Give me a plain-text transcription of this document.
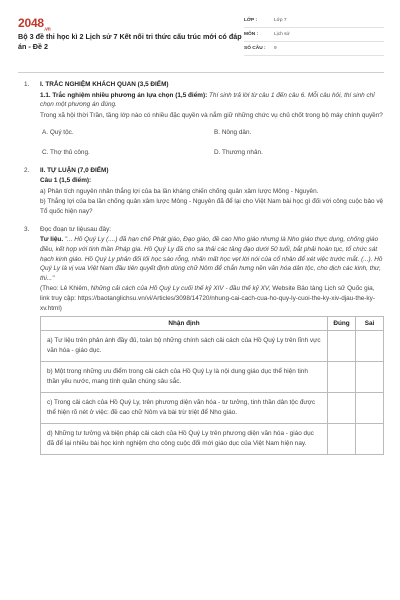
$2048_{.vn}$
Bộ 3 đề thi học kì 2 Lịch sử 7 Kết nối tri thức cấu trúc mới có đáp án - Đề 2
LỚP :	Lớp 7
MÔN :	Lịch sử
SỐ CÂU :	9
1. I. TRẮC NGHIỆM KHÁCH QUAN (3,5 ĐIỂM)
1.1. Trắc nghiệm nhiều phương án lựa chọn (1,5 điểm): Thí sinh trả lời từ câu 1 đến câu 6. Mỗi câu hỏi, thí sinh chỉ chọn một phương án đúng.
Trong xã hội thời Trần, tầng lớp nào có nhiều đặc quyền và nắm giữ những chức vụ chủ chốt trong bộ máy chính quyền?
A. Quý tộc.	B. Nông dân.
C. Thợ thủ công.	D. Thương nhân.
2. II. TỰ LUẬN (7,0 ĐIỂM)
Câu 1 (1,5 điểm):
a) Phân tích nguyên nhân thắng lợi của ba lần kháng chiến chống quân xâm lược Mông - Nguyên.
b) Thắng lợi của ba lần chống quân xâm lược Mông - Nguyên đã để lại cho Việt Nam bài học gì đối với công cuộc bảo vệ Tổ quốc hiện nay?
3. Đọc đoạn tư liệusau đây:
Tư liệu. "... Hồ Quý Ly (....) đã hạn chế Phật giáo, Đạo giáo, đề cao Nho giáo nhưng là Nho giáo thực dụng, chống giáo điều, kết hợp với tinh thần Pháp gia. Hồ Quý Ly đã cho sa thải các tăng đạo dưới 50 tuổi, bắt phải hoàn tục, tổ chức sát hạch kinh giáo. Hồ Quý Ly phản đối lối học sáo rỗng, nhấn mất học vẹt lời nói của cổ nhân để xét việc trước mắt. (...). Hồ Quý Ly là vị vua Việt Nam đầu tiên quyết định dùng chữ Nôm để chắn hưng nền văn hóa dân tộc, cho dịch các kinh, thư, thi..."
(Theo: Lê Khiêm, Những cải cách của Hồ Quý Ly cuối thế kỷ XIV - đầu thế kỷ XV, Website Bảo tàng Lịch sử Quốc gia, link truy cập: https://baotanglichsu.vn/vi/Articles/3098/14720/nhung-cai-cach-cua-ho-quy-ly-cuoi-the-ky-xiv-djau-the-ky-xv.html)
Nhận định	Đúng	Sai
a) Tư liệu trên phản ánh đầy đủ, toàn bộ những chính sách cải cách của Hồ Quý Ly trên lĩnh vực văn hóa - giáo dục.		
b) Một trong những ưu điểm trong cải cách của Hồ Quý Ly là nội dung giáo dục thể hiện tinh thần yêu nước, mang tính quần chúng sâu sắc.		
c) Trong cải cách của Hồ Quý Ly, trên phương diện văn hóa - tư tưởng, tinh thần dân tộc được thể hiện rõ nét ở việc: đề cao chữ Nôm và bài trừ triệt để Nho giáo.		
d) Những tư tưởng và biện pháp cải cách của Hồ Quý Ly trên phương diện văn hóa - giáo dục đã để lại nhiều bài học kinh nghiệm cho công cuộc đổi mới giáo dục của Việt Nam hiện nay.		
